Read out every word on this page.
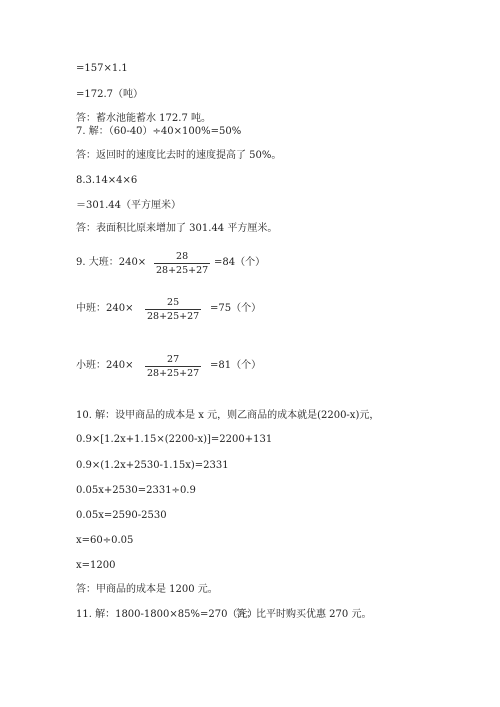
=157×1.1
=172.7（吨）
答：蓄水池能蓄水 172.7 吨。
7. 解：（60-40）÷40×100%=50%
答：返回时的速度比去时的速度提高了 50%。
8.3.14×4×6
＝301.44（平方厘米）
答：表面积比原来增加了 301.44 平方厘米。
9. 大班：240×
28
28+25+27
=84（个）
中班：240×
25
28+25+27
=75（个）
小班：240×
27
28+25+27
=81（个）
10. 解：设甲商品的成本是 x 元，则乙商品的成本就是(2200-x)元，
0.9×[1.2x+1.15×(2200-x)]=2200+131
0.9×(1.2x+2530-1.15x)=2331
0.05x+2530=2331÷0.9
0.05x=2590-2530
x=60÷0.05
x=1200
答：甲商品的成本是 1200 元。
11. 解：1800-1800×85%=270（元）
答：比平时购买优惠 270 元。
